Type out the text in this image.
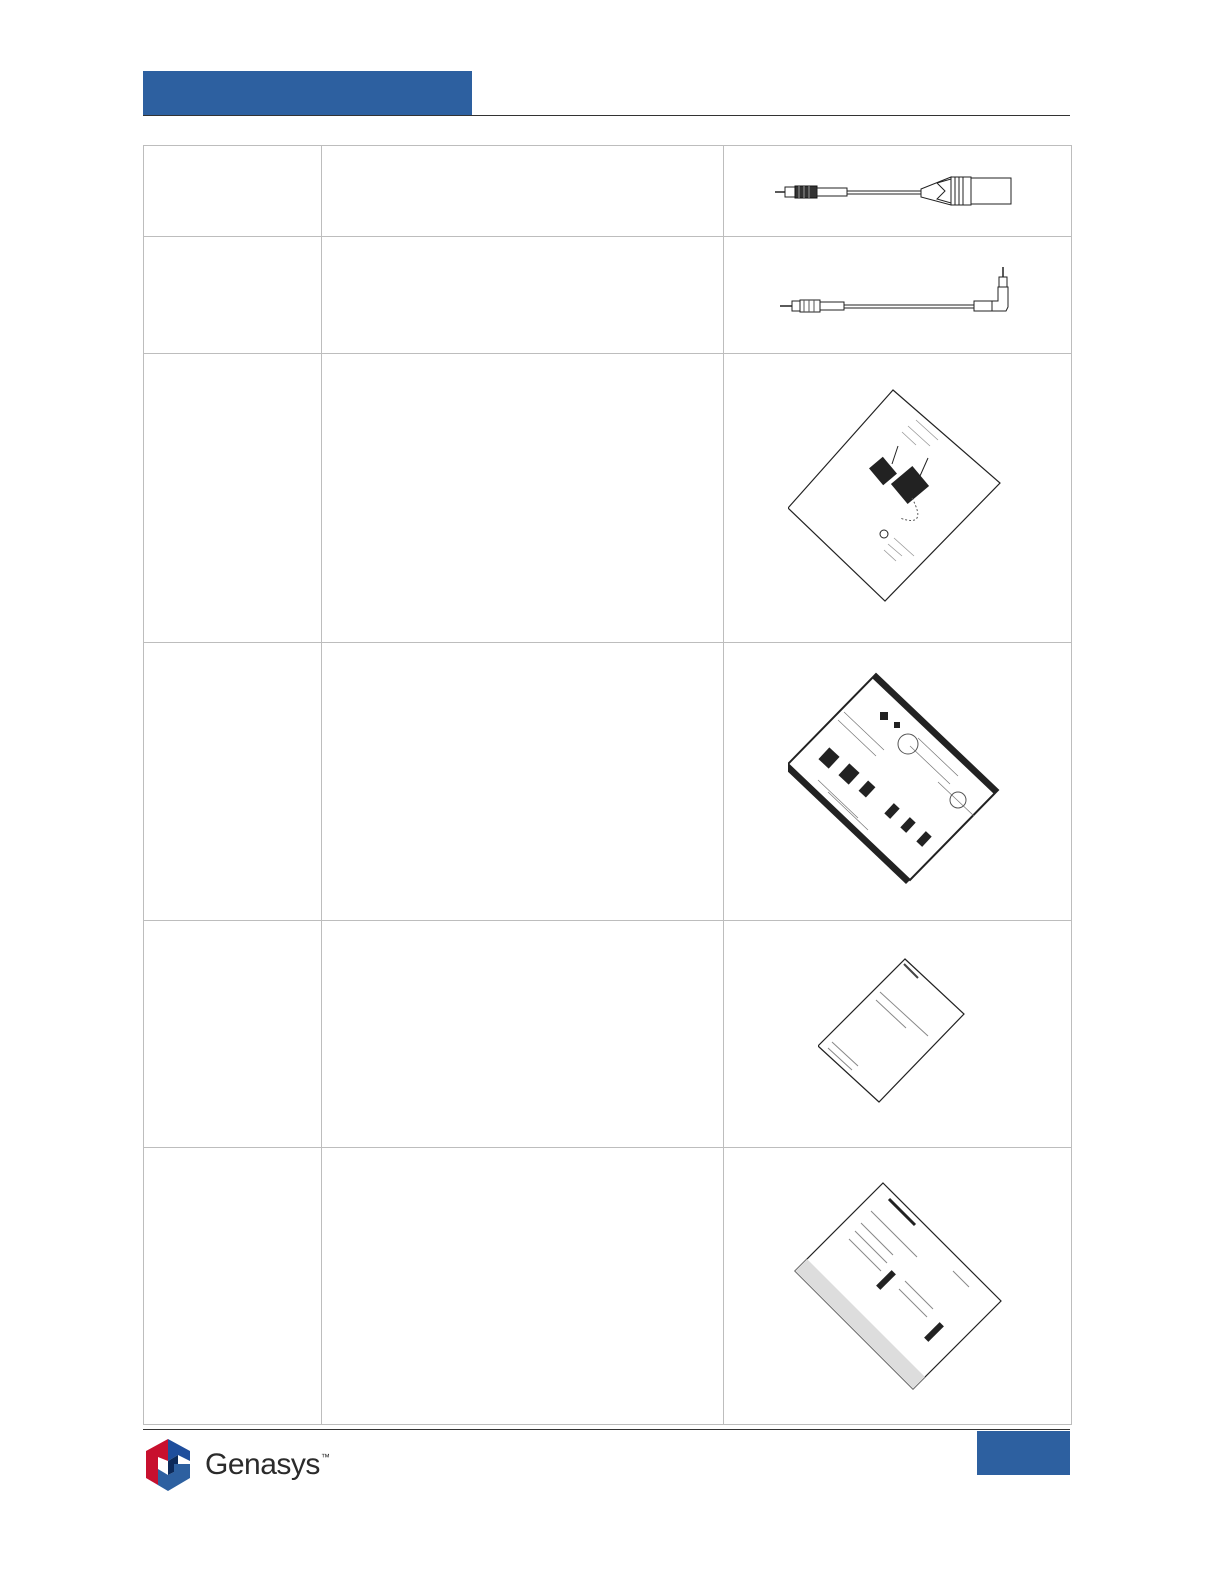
Genasys™
